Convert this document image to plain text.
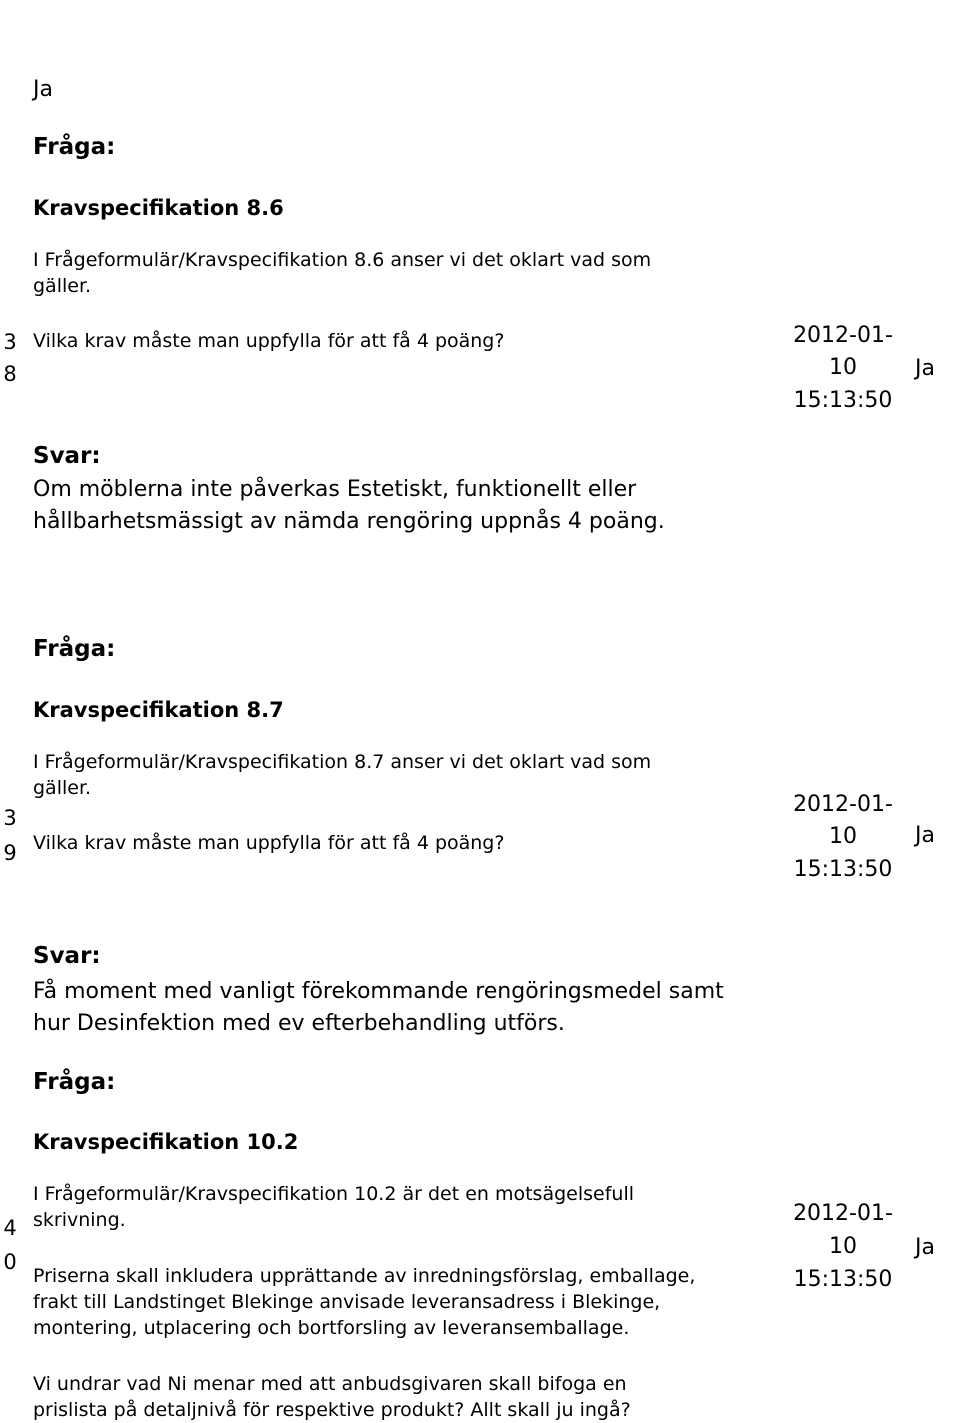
Id	Fråga/Svar	Publicera
d
Läs
t
Ja
Fråga:
Kravspecifikation 8.6
I Frågeformulär/Kravspecifikation 8.6 anser vi det oklart vad som
gäller.
Vilka krav måste man uppfylla för att få 4 poäng?
3
8
2012-01-
10
15:13:50
Ja
Svar:
Om möblerna inte påverkas Estetiskt, funktionellt eller
hållbarhetsmässigt av nämda rengöring uppnås 4 poäng.
Fråga:
Kravspecifikation 8.7
I Frågeformulär/Kravspecifikation 8.7 anser vi det oklart vad som
gäller.
Vilka krav måste man uppfylla för att få 4 poäng?
3
9
2012-01-
10
15:13:50
Ja
Svar:
Få moment med vanligt förekommande rengöringsmedel samt
hur Desinfektion med ev efterbehandling utförs.
Fråga:
Kravspecifikation 10.2
I Frågeformulär/Kravspecifikation 10.2 är det en motsägelsefull
skrivning.
Priserna skall inkludera upprättande av inredningsförslag, emballage,
frakt till Landstinget Blekinge anvisade leveransadress i Blekinge,
montering, utplacering och bortforsling av leveransemballage.
Vi undrar vad Ni menar med att anbudsgivaren skall bifoga en
prislista på detaljnivå för respektive produkt? Allt skall ju ingå?
4
0
2012-01-
10
15:13:50
Ja
